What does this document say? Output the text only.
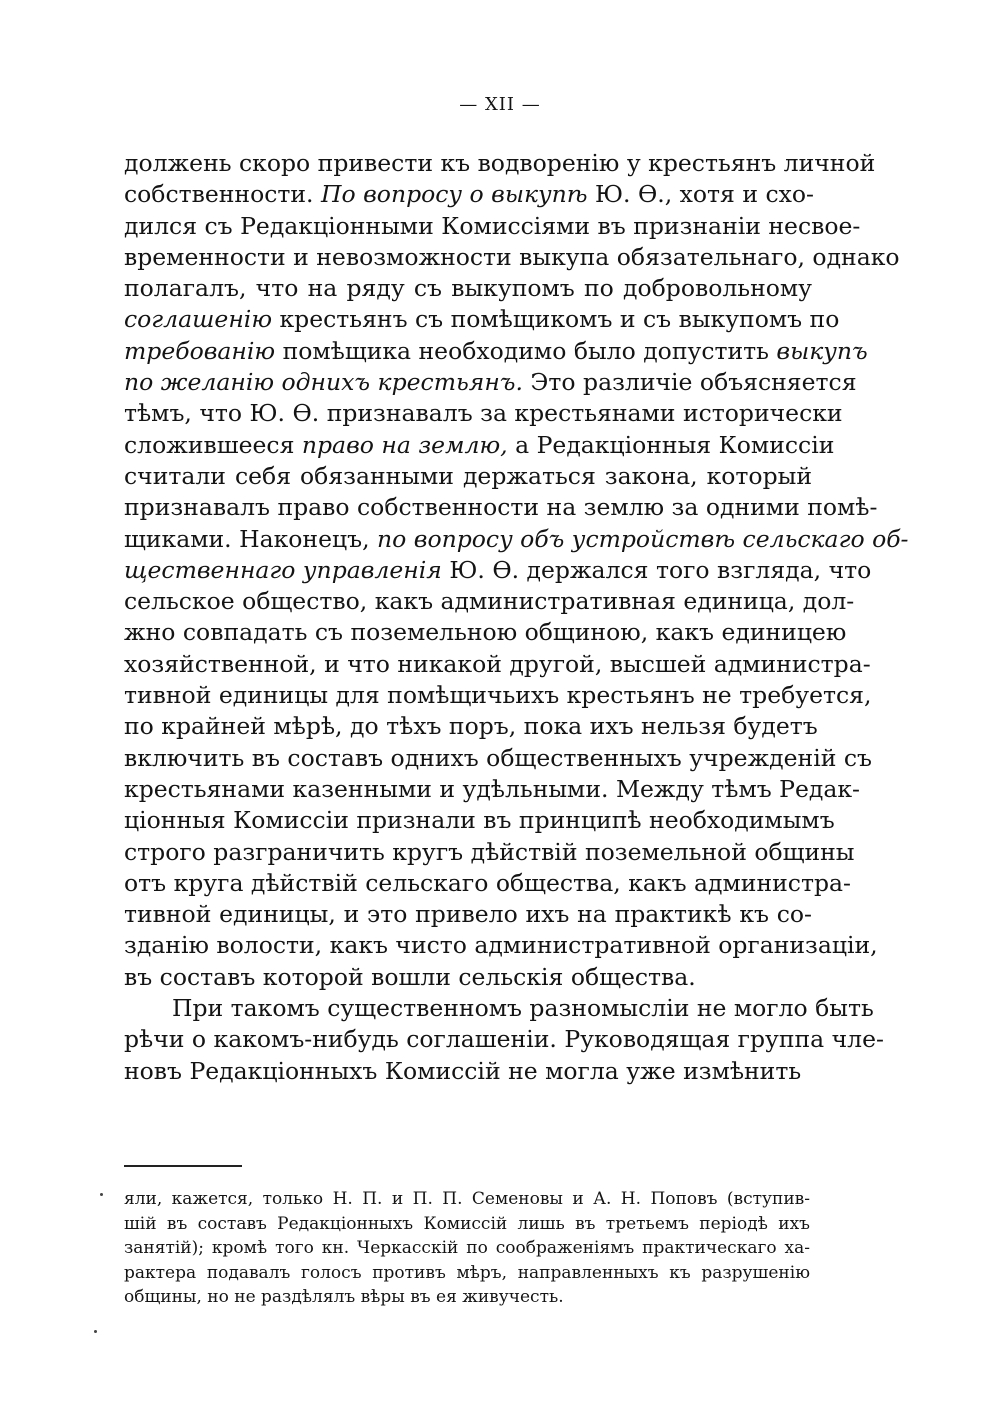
— XII —
должень скоро привести къ водворенію у крестьянъ личной
собственности. По вопросу о выкупѣ Ю. Ѳ., хотя и схо-
дился съ Редакціонными Комиссіями въ признаніи несвое-
временности и невозможности выкупа обязательнаго, однако
полагалъ, что на ряду съ выкупомъ по добровольному
соглашенію крестьянъ съ помѣщикомъ и съ выкупомъ по
требованію помѣщика необходимо было допустить выкупъ
по желанію однихъ крестьянъ. Это различіе объясняется
тѣмъ, что Ю. Ѳ. признавалъ за крестьянами исторически
сложившееся право на землю, а Редакціонныя Комиссіи
считали себя обязанными держаться закона, который
признавалъ право собственности на землю за одними помѣ-
щиками. Наконецъ, по вопросу объ устройствѣ сельскаго об-
щественнаго управленія Ю. Ѳ. держался того взгляда, что
сельское общество, какъ административная единица, дол-
жно совпадать съ поземельною общиною, какъ единицею
хозяйственной, и что никакой другой, высшей администра-
тивной единицы для помѣщичьихъ крестьянъ не требуется,
по крайней мѣрѣ, до тѣхъ поръ, пока ихъ нельзя будетъ
включить въ составъ однихъ общественныхъ учрежденій съ
крестьянами казенными и удѣльными. Между тѣмъ Редак-
ціонныя Комиссіи признали въ принципѣ необходимымъ
строго разграничить кругъ дѣйствій поземельной общины
отъ круга дѣйствій сельскаго общества, какъ администра-
тивной единицы, и это привело ихъ на практикѣ къ со-
зданію волости, какъ чисто административной организаціи,
въ составъ которой вошли сельскія общества.
При такомъ существенномъ разномысліи не могло быть
рѣчи о какомъ-нибудь соглашеніи. Руководящая группа чле-
новъ Редакціонныхъ Комиссій не могла уже измѣнить
яли, кажется, только Н. П. и П. П. Семеновы и А. Н. Поповъ (вступив-
шій въ составъ Редакціонныхъ Комиссій лишь въ третьемъ періодѣ ихъ
занятій); кромѣ того кн. Черкасскій по соображеніямъ практическаго ха-
рактера подавалъ голосъ противъ мѣръ, направленныхъ къ разрушенію
общины, но не раздѣлялъ вѣры въ ея живучесть.
